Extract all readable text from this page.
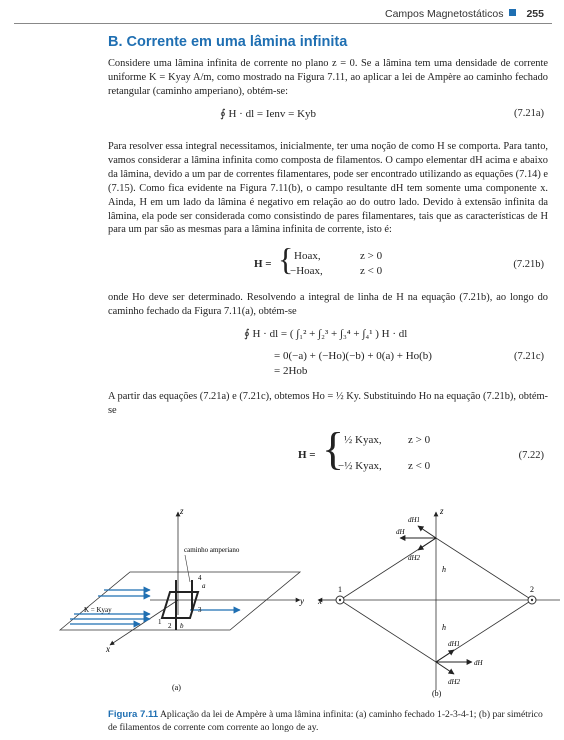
Campos Magnetostáticos 255
B. Corrente em uma lâmina infinita

Considere uma lâmina infinita de corrente no plano z = 0. Se a lâmina tem uma densidade de corrente uniforme K = Kyay A/m, como mostrado na Figura 7.11, ao aplicar a lei de Ampère ao caminho fechado retangular (caminho amperiano), obtém-se:

∮ H · dl = Ienv = Kyb	(7.21a)

Para resolver essa integral necessitamos, inicialmente, ter uma noção de como H se comporta. Para tanto, vamos considerar a lâmina infinita como composta de filamentos. O campo elementar dH acima e abaixo da lâmina, devido a um par de correntes filamentares, pode ser encontrado utilizando as equações (7.14) e (7.15). Como fica evidente na Figura 7.11(b), o campo resultante dH tem somente uma componente x. Ainda, H em um lado da lâmina é negativo em relação ao do outro lado. Devido à extensão infinita da lâmina, ela pode ser considerada como consistindo de pares filamentares, tais que as características de H para um par são as mesmas para a lâmina infinita de corrente, isto é:

H = { Hoax,	z > 0
−Hoax,	z < 0
(7.21b)

onde Ho deve ser determinado. Resolvendo a integral de linha de H na equação (7.21b), ao longo do caminho fechado da Figura 7.11(a), obtém-se

∮ H · dl = ( ∫₁² + ∫₂³ + ∫₃⁴ + ∫₄¹ ) H · dl
= 0(−a) + (−Ho)(−b) + 0(a) + Ho(b)
= 2Hob
(7.21c)

A partir das equações (7.21a) e (7.21c), obtemos Ho = ½ Ky. Substituindo Ho na equação (7.21b), obtém-se

H = { ½ Kyax, z > 0
−½ Kyax, z < 0
(7.22)
caminho amperiano
z
y
x
K = Kyay
a
b
1 2
3
4
(a)
z
x
h
h
1	2
dH1
dH
dH2
dH1
dH
dH2
(b)

Figura 7.11 Aplicação da lei de Ampère à uma lâmina infinita: (a) caminho fechado 1-2-3-4-1; (b) par simétrico de filamentos de corrente com corrente ao longo de ay.
